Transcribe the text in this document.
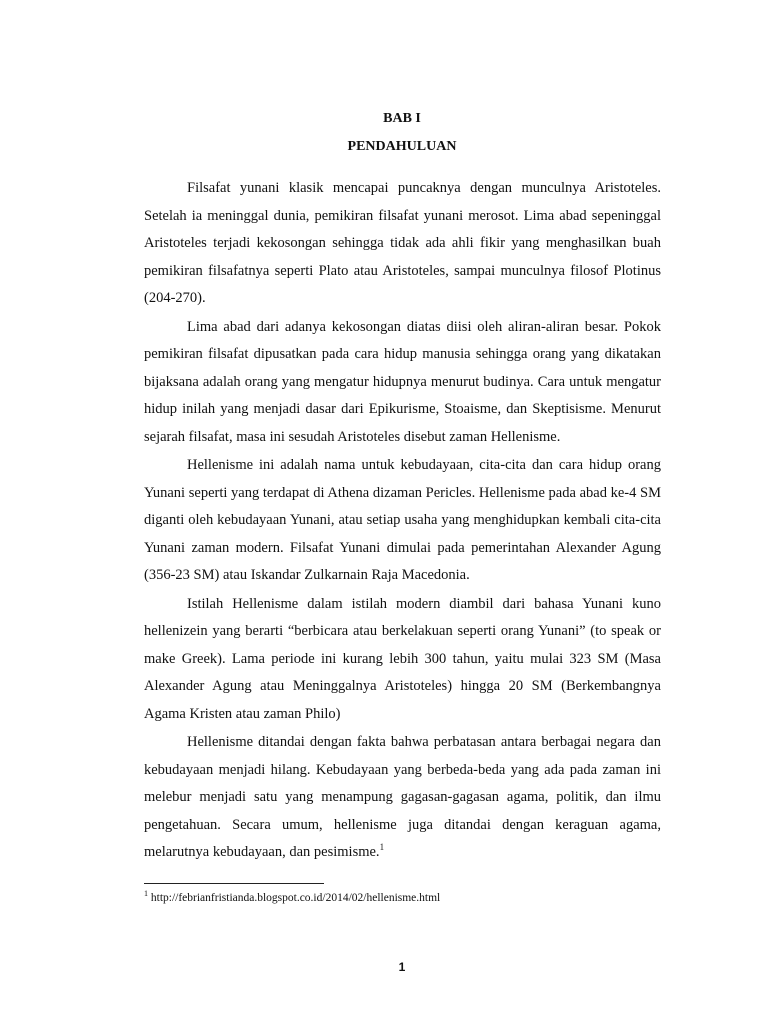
BAB I
PENDAHULUAN

Filsafat yunani klasik mencapai puncaknya dengan munculnya Aristoteles. Setelah ia meninggal dunia, pemikiran filsafat yunani merosot. Lima abad sepeninggal Aristoteles terjadi kekosongan sehingga tidak ada ahli fikir yang menghasilkan buah pemikiran filsafatnya seperti Plato atau Aristoteles, sampai munculnya filosof Plotinus (204-270).

Lima abad dari adanya kekosongan diatas diisi oleh aliran-aliran besar. Pokok pemikiran filsafat dipusatkan pada cara hidup manusia sehingga orang yang dikatakan bijaksana adalah orang yang mengatur hidupnya menurut budinya. Cara untuk mengatur hidup inilah yang menjadi dasar dari Epikurisme, Stoaisme, dan Skeptisisme. Menurut sejarah filsafat, masa ini sesudah Aristoteles disebut zaman Hellenisme.

Hellenisme ini adalah nama untuk kebudayaan, cita-cita dan cara hidup orang Yunani seperti yang terdapat di Athena dizaman Pericles. Hellenisme pada abad ke-4 SM diganti oleh kebudayaan Yunani, atau setiap usaha yang menghidupkan kembali cita-cita Yunani zaman modern. Filsafat Yunani dimulai pada pemerintahan Alexander Agung (356-23 SM) atau Iskandar Zulkarnain Raja Macedonia.

Istilah Hellenisme dalam istilah modern diambil dari bahasa Yunani kuno hellenizein yang berarti “berbicara atau berkelakuan seperti orang Yunani” (to speak or make Greek). Lama periode ini kurang lebih 300 tahun, yaitu mulai 323 SM (Masa Alexander Agung atau Meninggalnya Aristoteles) hingga 20 SM (Berkembangnya Agama Kristen atau zaman Philo)

Hellenisme ditandai dengan fakta bahwa perbatasan antara berbagai negara dan kebudayaan menjadi hilang. Kebudayaan yang berbeda-beda yang ada pada zaman ini melebur menjadi satu yang menampung gagasan-gagasan agama, politik, dan ilmu pengetahuan. Secara umum, hellenisme juga ditandai dengan keraguan agama, melarutnya kebudayaan, dan pesimisme.$^1$

$^1$ http://febrianfristianda.blogspot.co.id/2014/02/hellenisme.html
1
